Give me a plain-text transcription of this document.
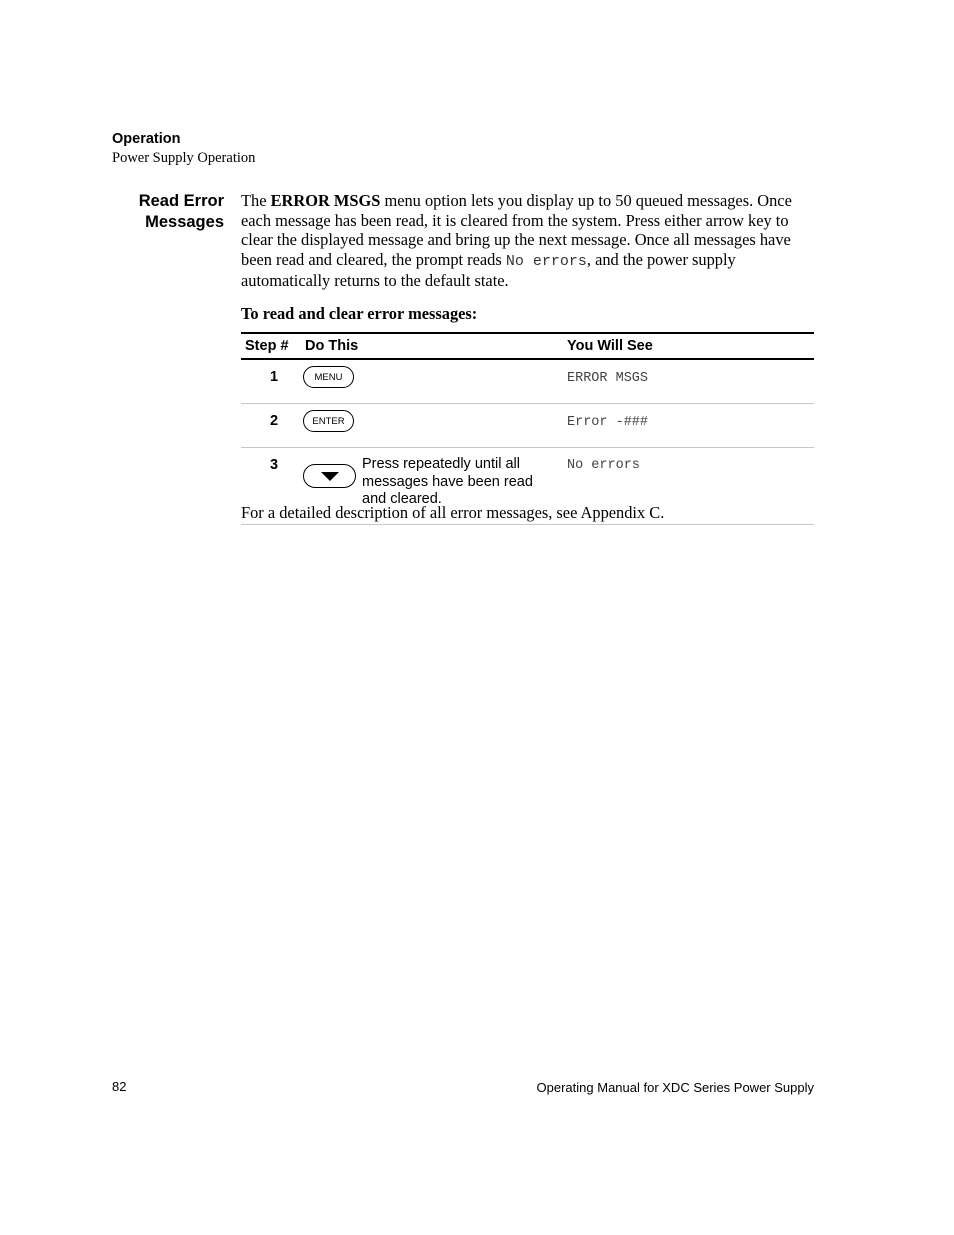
Operation
Power Supply Operation
Read Error
Messages
The ERROR MSGS menu option lets you display up to 50 queued messages. Once each message has been read, it is cleared from the system. Press either arrow key to clear the displayed message and bring up the next message. Once all messages have been read and cleared, the prompt reads No errors, and the power supply automatically returns to the default state.
To read and clear error messages:
Step #	Do This	You Will See
1	MENU	ERROR MSGS
2	ENTER	Error -###
3	Press repeatedly until all messages have been read and cleared.	No errors
For a detailed description of all error messages, see Appendix C.
82	Operating Manual for XDC Series Power Supply
